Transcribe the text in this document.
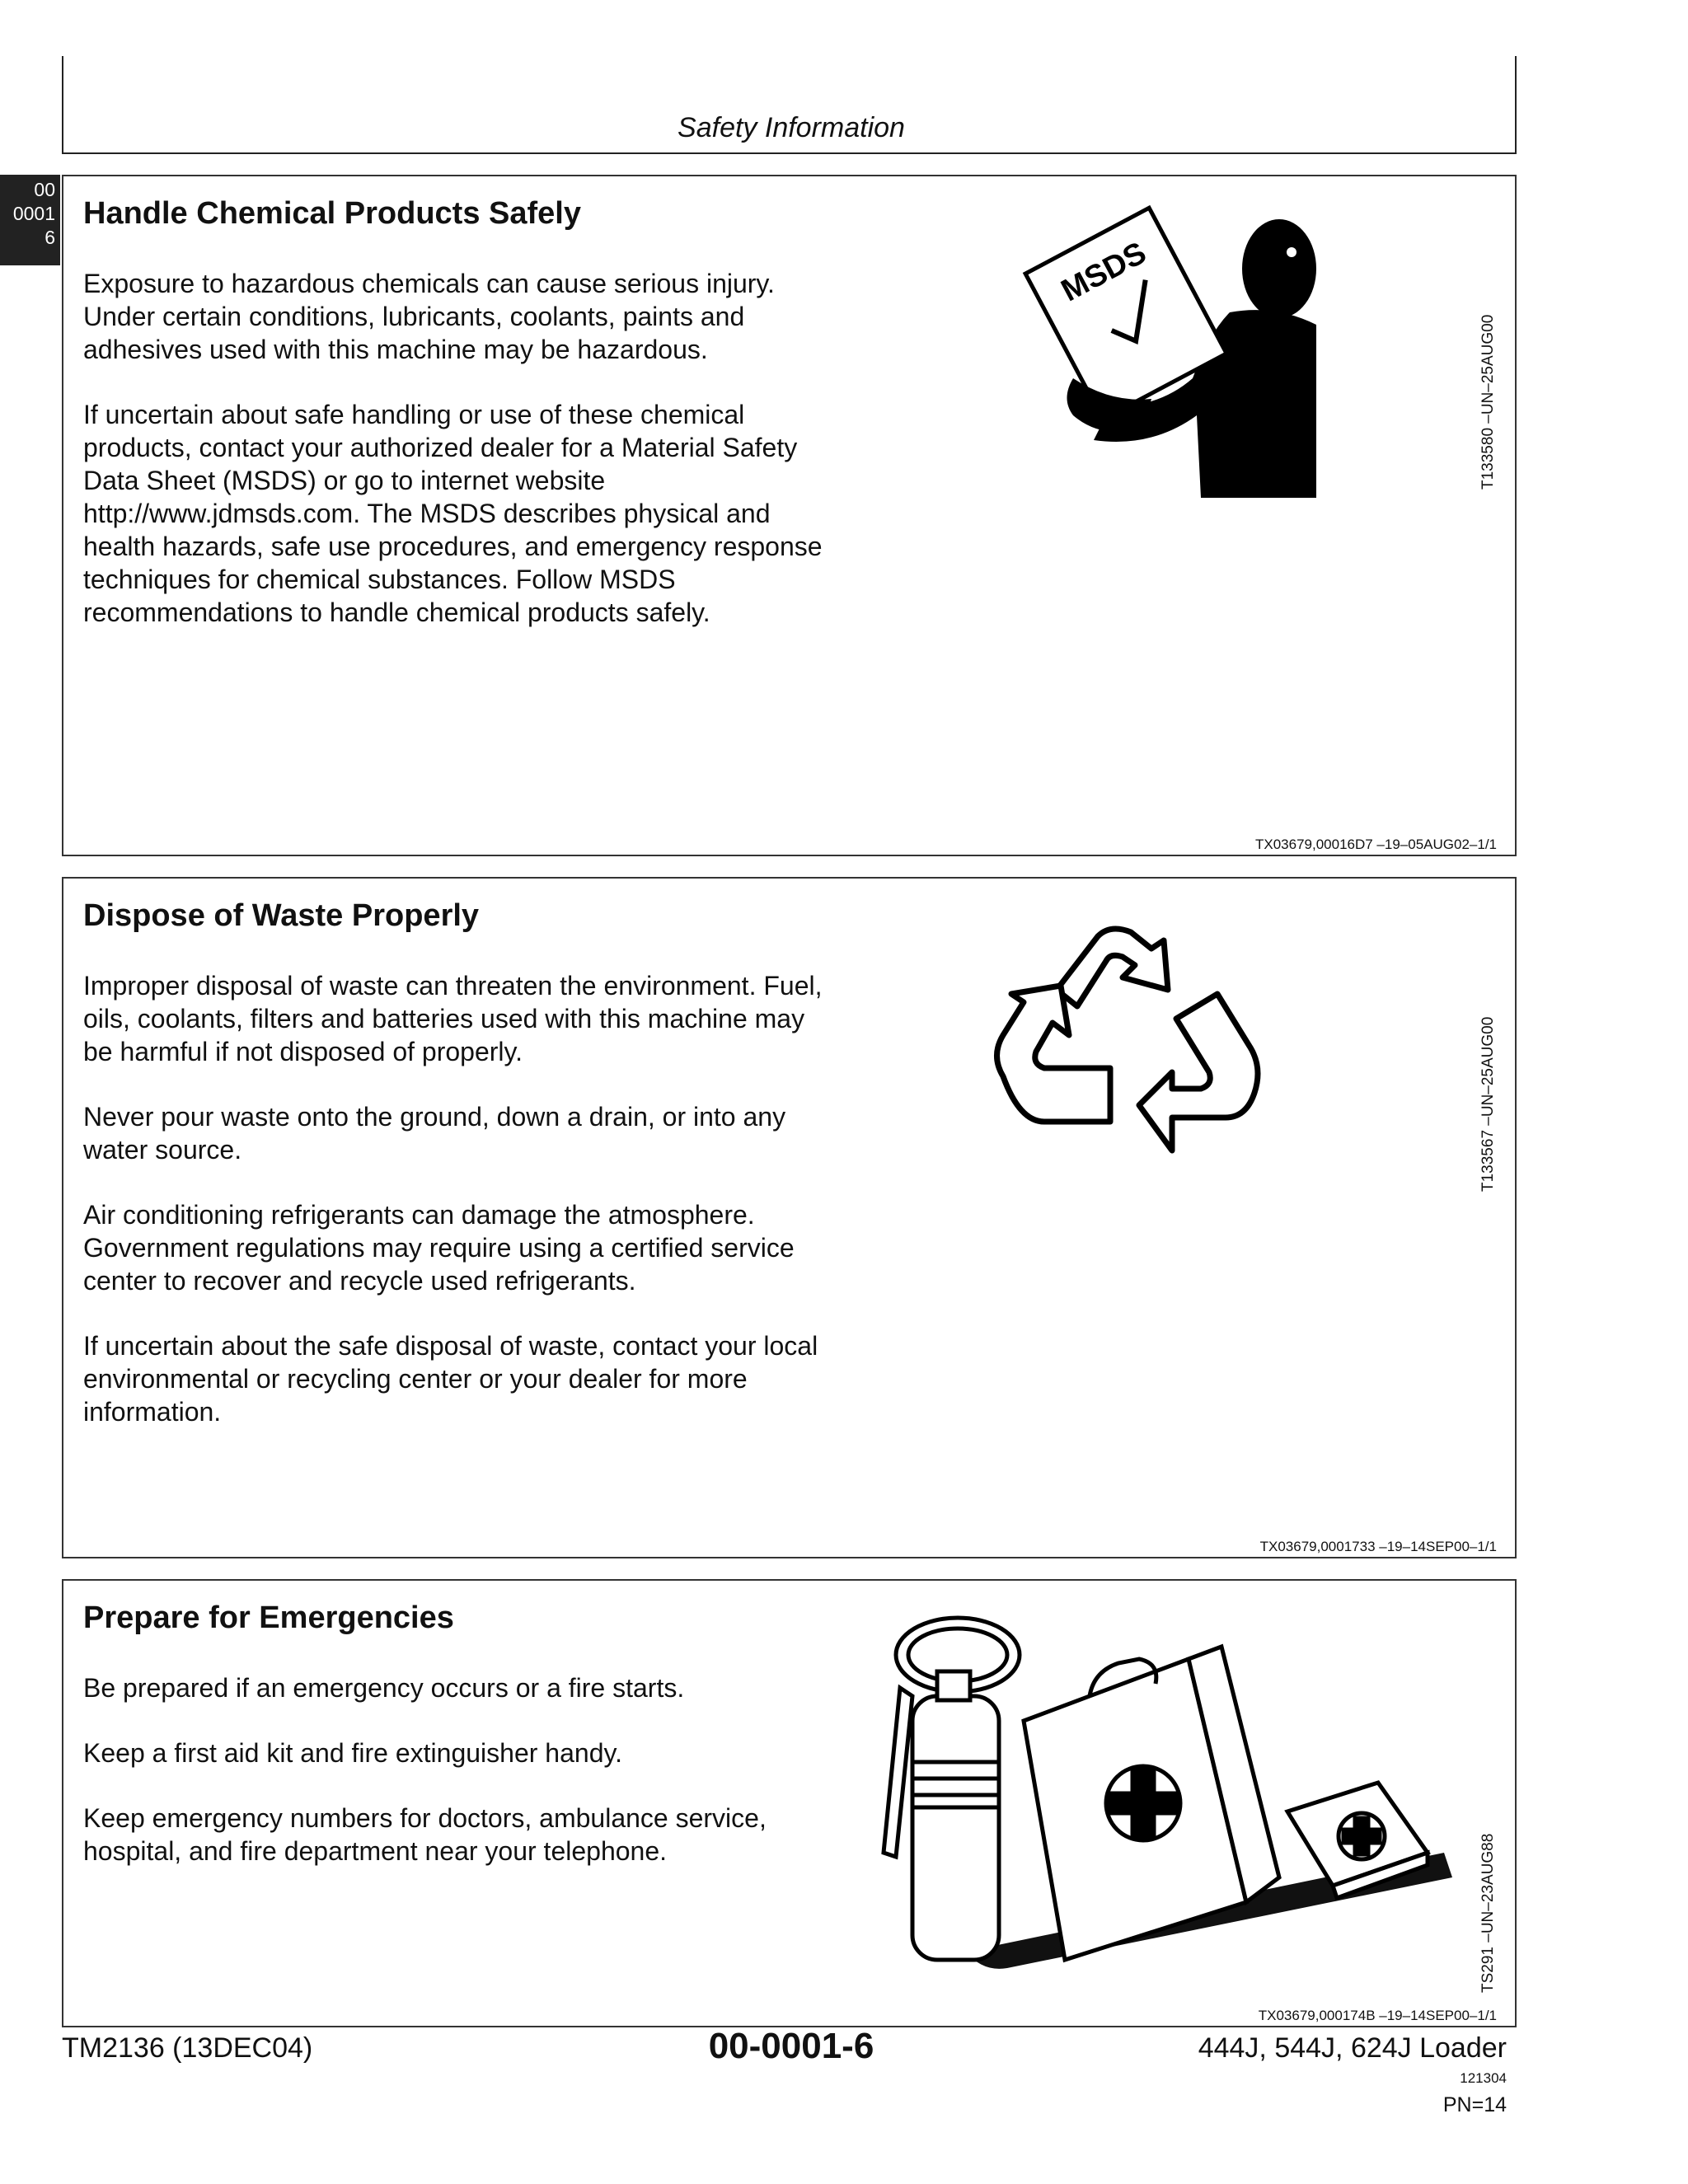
Safety Information
00
0001
6
Handle Chemical Products Safely

Exposure to hazardous chemicals can cause serious injury. Under certain conditions, lubricants, coolants, paints and adhesives used with this machine may be hazardous.

If uncertain about safe handling or use of these chemical products, contact your authorized dealer for a Material Safety Data Sheet (MSDS) or go to internet website http://www.jdmsds.com. The MSDS describes physical and health hazards, safe use procedures, and emergency response techniques for chemical substances. Follow MSDS recommendations to handle chemical products safely.

MSDS
T133580 –UN–25AUG00
TX03679,00016D7 –19–05AUG02–1/1
Dispose of Waste Properly

Improper disposal of waste can threaten the environment. Fuel, oils, coolants, filters and batteries used with this machine may be harmful if not disposed of properly.

Never pour waste onto the ground, down a drain, or into any water source.

Air conditioning refrigerants can damage the atmosphere. Government regulations may require using a certified service center to recover and recycle used refrigerants.

If uncertain about the safe disposal of waste, contact your local environmental or recycling center or your dealer for more information.

T133567 –UN–25AUG00
TX03679,0001733 –19–14SEP00–1/1
Prepare for Emergencies

Be prepared if an emergency occurs or a fire starts.

Keep a first aid kit and fire extinguisher handy.

Keep emergency numbers for doctors, ambulance service, hospital, and fire department near your telephone.	TS291 –UN–23AUG88
TX03679,000174B –19–14SEP00–1/1
TM2136 (13DEC04)	00-0001-6	444J, 544J, 624J Loader
121304
PN=14
